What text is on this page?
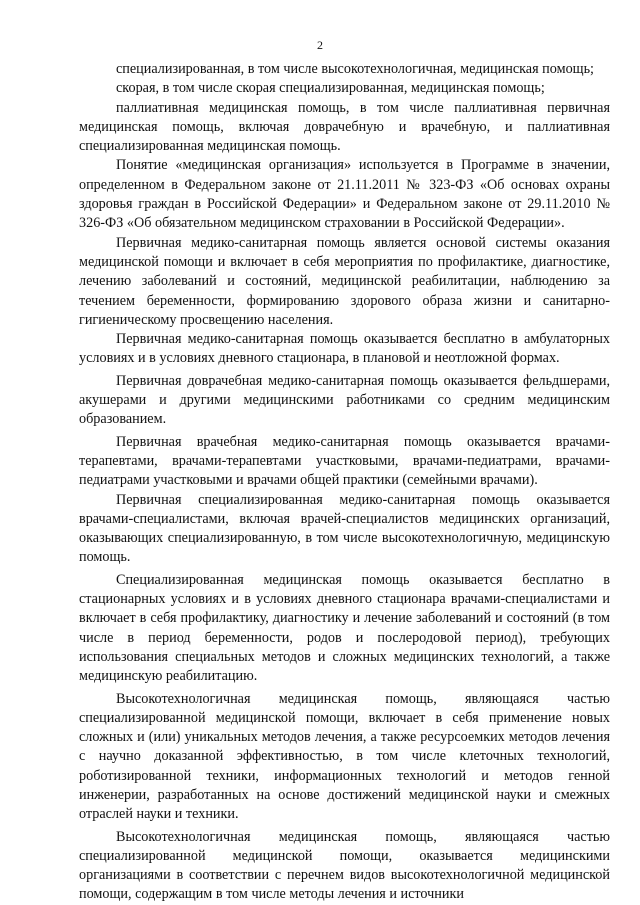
2

специализированная, в том числе высокотехнологичная, медицинская помощь;

скорая, в том числе скорая специализированная, медицинская помощь;

паллиативная медицинская помощь, в том числе паллиативная первичная медицинская помощь, включая доврачебную и врачебную, и паллиативная специализированная медицинская помощь.

Понятие «медицинская организация» используется в Программе в значении, определенном в Федеральном законе от 21.11.2011 № 323-ФЗ «Об основах охраны здоровья граждан в Российской Федерации» и Федеральном законе от 29.11.2010 № 326-ФЗ «Об обязательном медицинском страховании в Российской Федерации».

Первичная медико-санитарная помощь является основой системы оказания медицинской помощи и включает в себя мероприятия по профилактике, диагностике, лечению заболеваний и состояний, медицинской реабилитации, наблюдению за течением беременности, формированию здорового образа жизни и санитарно-гигиеническому просвещению населения.

Первичная медико-санитарная помощь оказывается бесплатно в амбулаторных условиях и в условиях дневного стационара, в плановой и неотложной формах.

Первичная доврачебная медико-санитарная помощь оказывается фельдшерами, акушерами и другими медицинскими работниками со средним медицинским образованием.

Первичная врачебная медико-санитарная помощь оказывается врачами-терапевтами, врачами-терапевтами участковыми, врачами-педиатрами, врачами-педиатрами участковыми и врачами общей практики (семейными врачами).

Первичная специализированная медико-санитарная помощь оказывается врачами-специалистами, включая врачей-специалистов медицинских организаций, оказывающих специализированную, в том числе высокотехнологичную, медицинскую помощь.

Специализированная медицинская помощь оказывается бесплатно в стационарных условиях и в условиях дневного стационара врачами-специалистами и включает в себя профилактику, диагностику и лечение заболеваний и состояний (в том числе в период беременности, родов и послеродовой период), требующих использования специальных методов и сложных медицинских технологий, а также медицинскую реабилитацию.

Высокотехнологичная медицинская помощь, являющаяся частью специализированной медицинской помощи, включает в себя применение новых сложных и (или) уникальных методов лечения, а также ресурсоемких методов лечения с научно доказанной эффективностью, в том числе клеточных технологий, роботизированной техники, информационных технологий и методов генной инженерии, разработанных на основе достижений медицинской науки и смежных отраслей науки и техники.

Высокотехнологичная медицинская помощь, являющаяся частью специализированной медицинской помощи, оказывается медицинскими организациями в соответствии с перечнем видов высокотехнологичной медицинской помощи, содержащим в том числе методы лечения и источники
